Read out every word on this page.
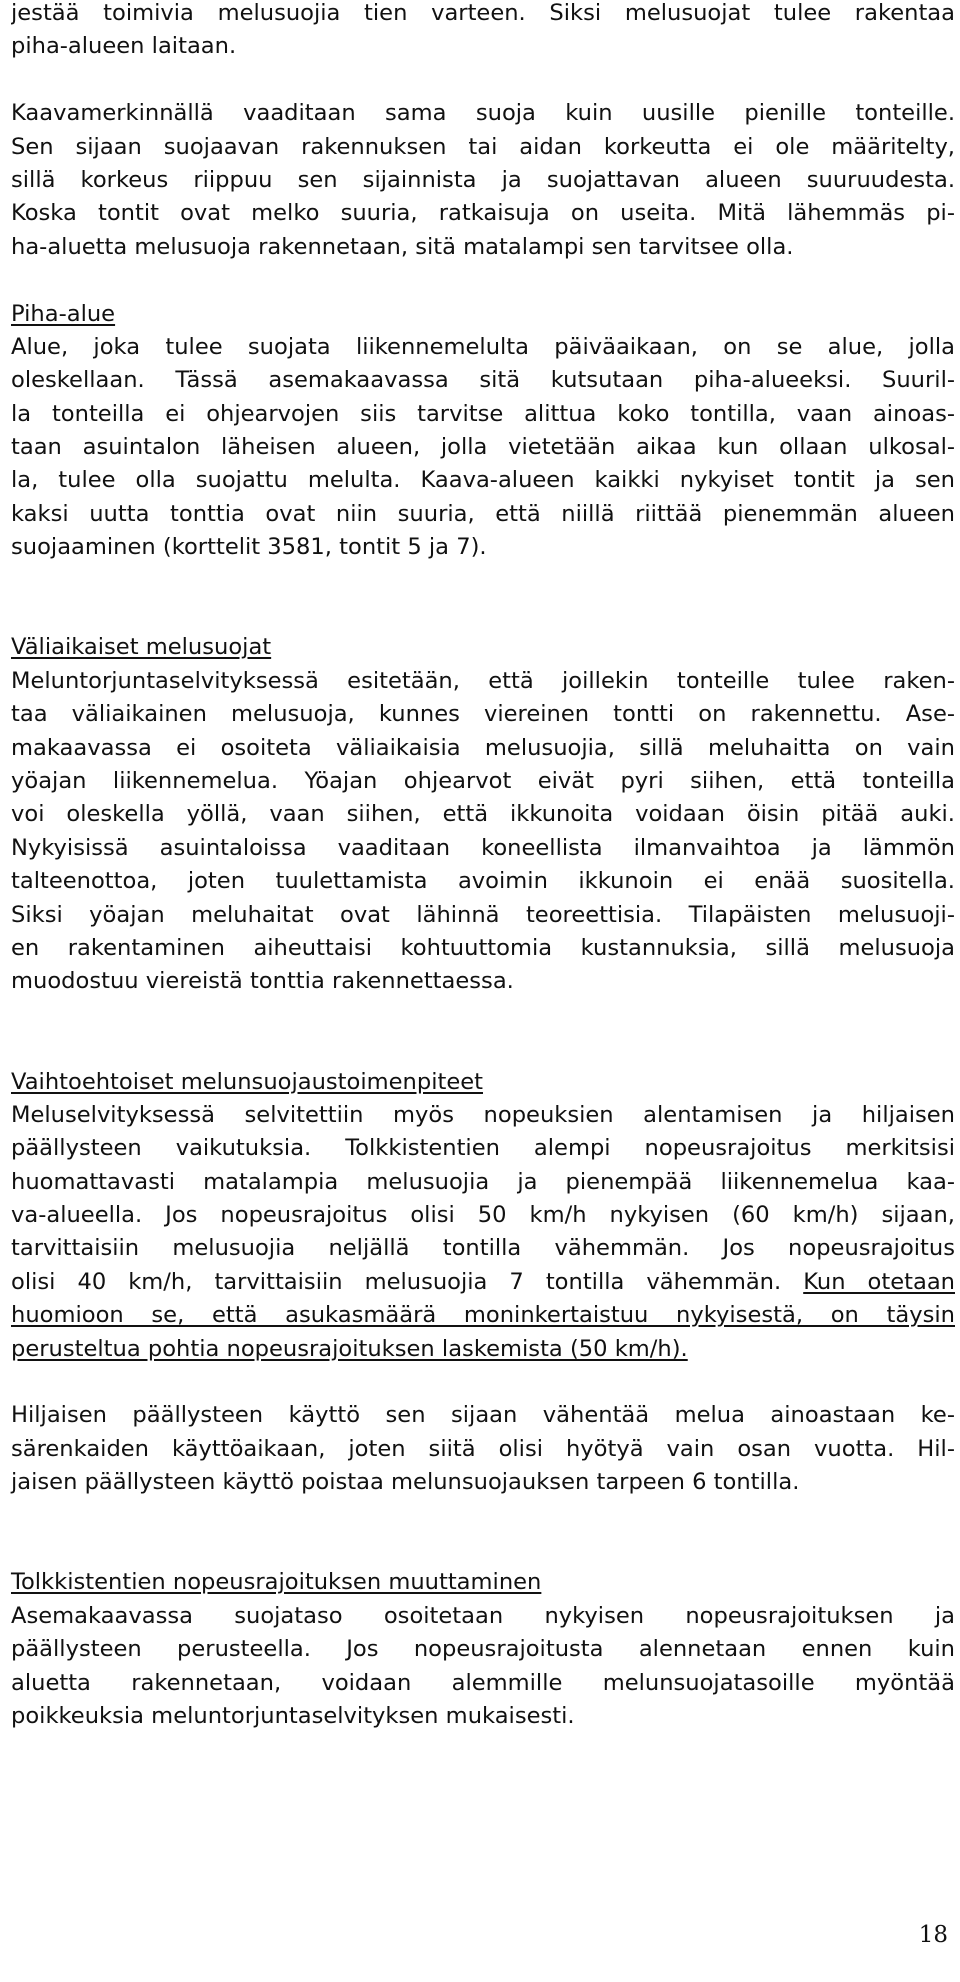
jestää toimivia melusuojia tien varteen. Siksi melusuojat tulee rakentaa
piha-alueen laitaan.
Kaavamerkinnällä vaaditaan sama suoja kuin uusille pienille tonteille.
Sen sijaan suojaavan rakennuksen tai aidan korkeutta ei ole määritelty,
sillä korkeus riippuu sen sijainnista ja suojattavan alueen suuruudesta.
Koska tontit ovat melko suuria, ratkaisuja on useita. Mitä lähemmäs pi-
ha-aluetta melusuoja rakennetaan, sitä matalampi sen tarvitsee olla.
Piha-alue
Alue, joka tulee suojata liikennemelulta päiväaikaan, on se alue, jolla
oleskellaan. Tässä asemakaavassa sitä kutsutaan piha-alueeksi. Suuril-
la tonteilla ei ohjearvojen siis tarvitse alittua koko tontilla, vaan ainoas-
taan asuintalon läheisen alueen, jolla vietetään aikaa kun ollaan ulkosal-
la, tulee olla suojattu melulta. Kaava-alueen kaikki nykyiset tontit ja sen
kaksi uutta tonttia ovat niin suuria, että niillä riittää pienemmän alueen
suojaaminen (korttelit 3581, tontit 5 ja 7).
Väliaikaiset melusuojat
Meluntorjuntaselvityksessä esitetään, että joillekin tonteille tulee raken-
taa väliaikainen melusuoja, kunnes viereinen tontti on rakennettu. Ase-
makaavassa ei osoiteta väliaikaisia melusuojia, sillä meluhaitta on vain
yöajan liikennemelua. Yöajan ohjearvot eivät pyri siihen, että tonteilla
voi oleskella yöllä, vaan siihen, että ikkunoita voidaan öisin pitää auki.
Nykyisissä asuintaloissa vaaditaan koneellista ilmanvaihtoa ja lämmön
talteenottoa, joten tuulettamista avoimin ikkunoin ei enää suositella.
Siksi yöajan meluhaitat ovat lähinnä teoreettisia. Tilapäisten melusuoji-
en rakentaminen aiheuttaisi kohtuuttomia kustannuksia, sillä melusuoja
muodostuu viereistä tonttia rakennettaessa.
Vaihtoehtoiset melunsuojaustoimenpiteet
Meluselvityksessä selvitettiin myös nopeuksien alentamisen ja hiljaisen
päällysteen vaikutuksia. Tolkkistentien alempi nopeusrajoitus merkitsisi
huomattavasti matalampia melusuojia ja pienempää liikennemelua kaa-
va-alueella. Jos nopeusrajoitus olisi 50 km/h nykyisen (60 km/h) sijaan,
tarvittaisiin melusuojia neljällä tontilla vähemmän. Jos nopeusrajoitus
olisi 40 km/h, tarvittaisiin melusuojia 7 tontilla vähemmän. Kun otetaan
huomioon se, että asukasmäärä moninkertaistuu nykyisestä, on täysin
perusteltua pohtia nopeusrajoituksen laskemista (50 km/h).
Hiljaisen päällysteen käyttö sen sijaan vähentää melua ainoastaan ke-
särenkaiden käyttöaikaan, joten siitä olisi hyötyä vain osan vuotta. Hil-
jaisen päällysteen käyttö poistaa melunsuojauksen tarpeen 6 tontilla.
Tolkkistentien nopeusrajoituksen muuttaminen
Asemakaavassa suojataso osoitetaan nykyisen nopeusrajoituksen ja
päällysteen perusteella. Jos nopeusrajoitusta alennetaan ennen kuin
aluetta rakennetaan, voidaan alemmille melunsuojatasoille myöntää
poikkeuksia meluntorjuntaselvityksen mukaisesti.
18
